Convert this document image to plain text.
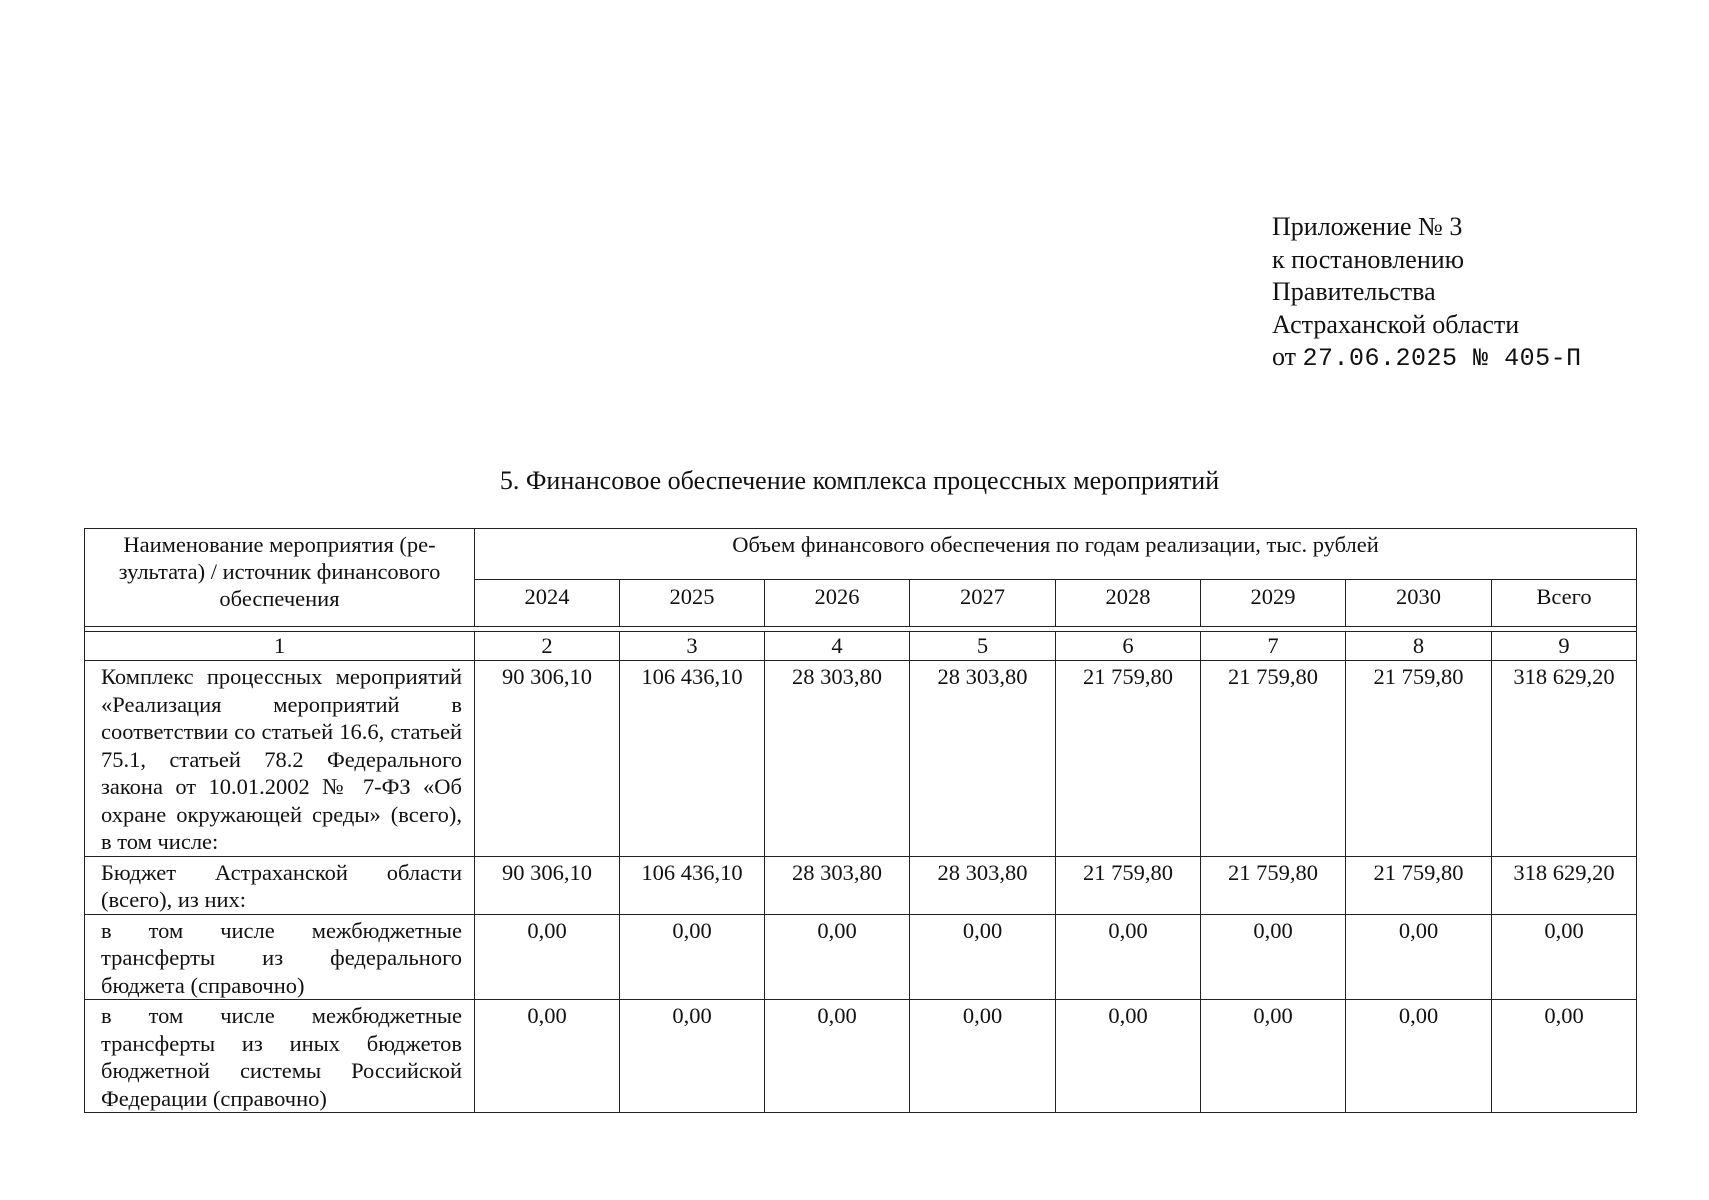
Приложение № 3
к постановлению
Правительства
Астраханской области
от 27.06.2025 № 405-П
5. Финансовое обеспечение комплекса процессных мероприятий
Наименование мероприятия (ре-зультата) / источник финансового обеспечения	Объем финансового обеспечения по годам реализации, тыс. рублей							
	2024	2025	2026	2027	2028	2029	2030	Всего

1	2	3	4	5	6	7	8	9
Комплекс процессных мероприятий «Реализация мероприятий в соответствии со статьей 16.6, статьей 75.1, статьей 78.2 Федерального закона от 10.01.2002 № 7-ФЗ «Об охране окружающей среды» (всего), в том числе:	90 306,10	106 436,10	28 303,80	28 303,80	21 759,80	21 759,80	21 759,80	318 629,20
Бюджет Астраханской области (всего), из них:	90 306,10	106 436,10	28 303,80	28 303,80	21 759,80	21 759,80	21 759,80	318 629,20
в том числе межбюджетные трансферты из федерального бюджета (справочно)	0,00	0,00	0,00	0,00	0,00	0,00	0,00	0,00
в том числе межбюджетные трансферты из иных бюджетов бюджетной системы Российской Федерации (справочно)	0,00	0,00	0,00	0,00	0,00	0,00	0,00	0,00
